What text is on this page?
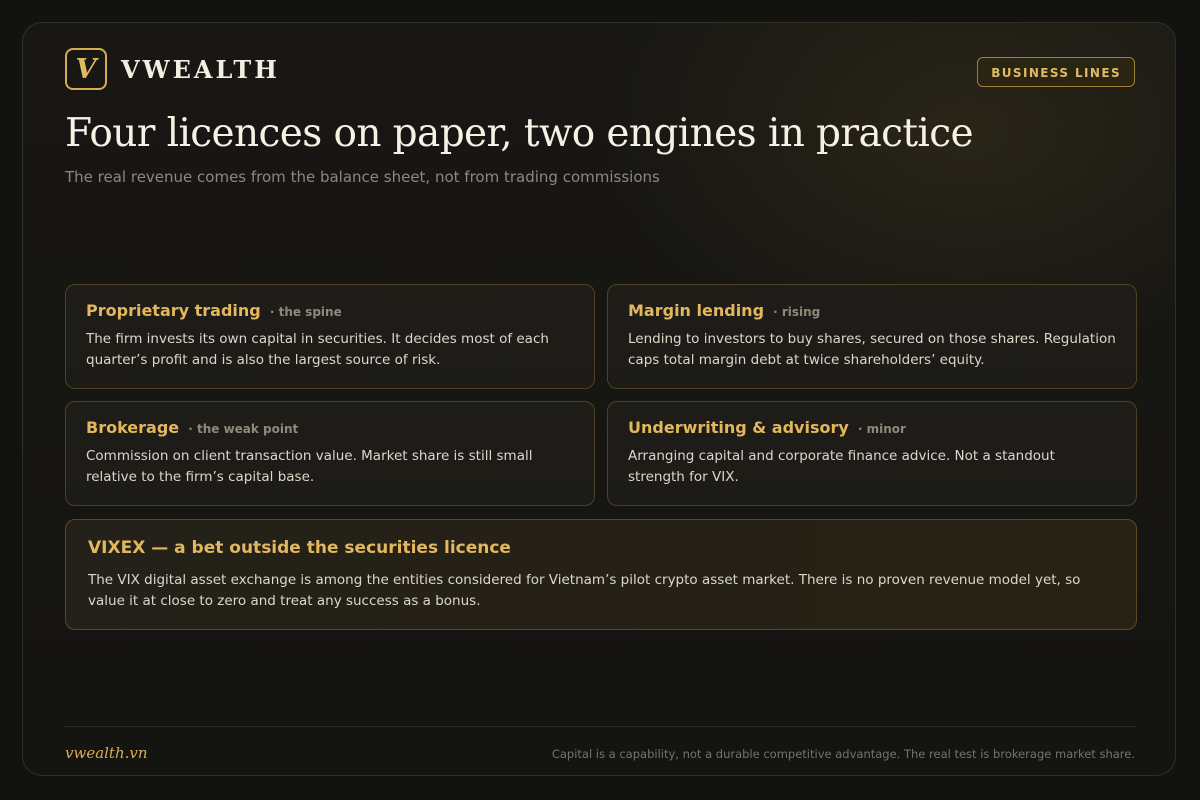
V	VWEALTH	BUSINESS LINES
Four licences on paper, two engines in practice
The real revenue comes from the balance sheet, not from trading commissions
Proprietary trading · the spine
The firm invests its own capital in securities. It decides most of each quarter’s profit and is also the largest source of risk.
Margin lending · rising
Lending to investors to buy shares, secured on those shares. Regulation caps total margin debt at twice shareholders’ equity.
Brokerage · the weak point
Commission on client transaction value. Market share is still small relative to the firm’s capital base.
Underwriting & advisory · minor
Arranging capital and corporate finance advice. Not a standout strength for VIX.
VIXEX — a bet outside the securities licence
The VIX digital asset exchange is among the entities considered for Vietnam’s pilot crypto asset market. There is no proven revenue model yet, so value it at close to zero and treat any success as a bonus.
vwealth.vn	Capital is a capability, not a durable competitive advantage. The real test is brokerage market share.
